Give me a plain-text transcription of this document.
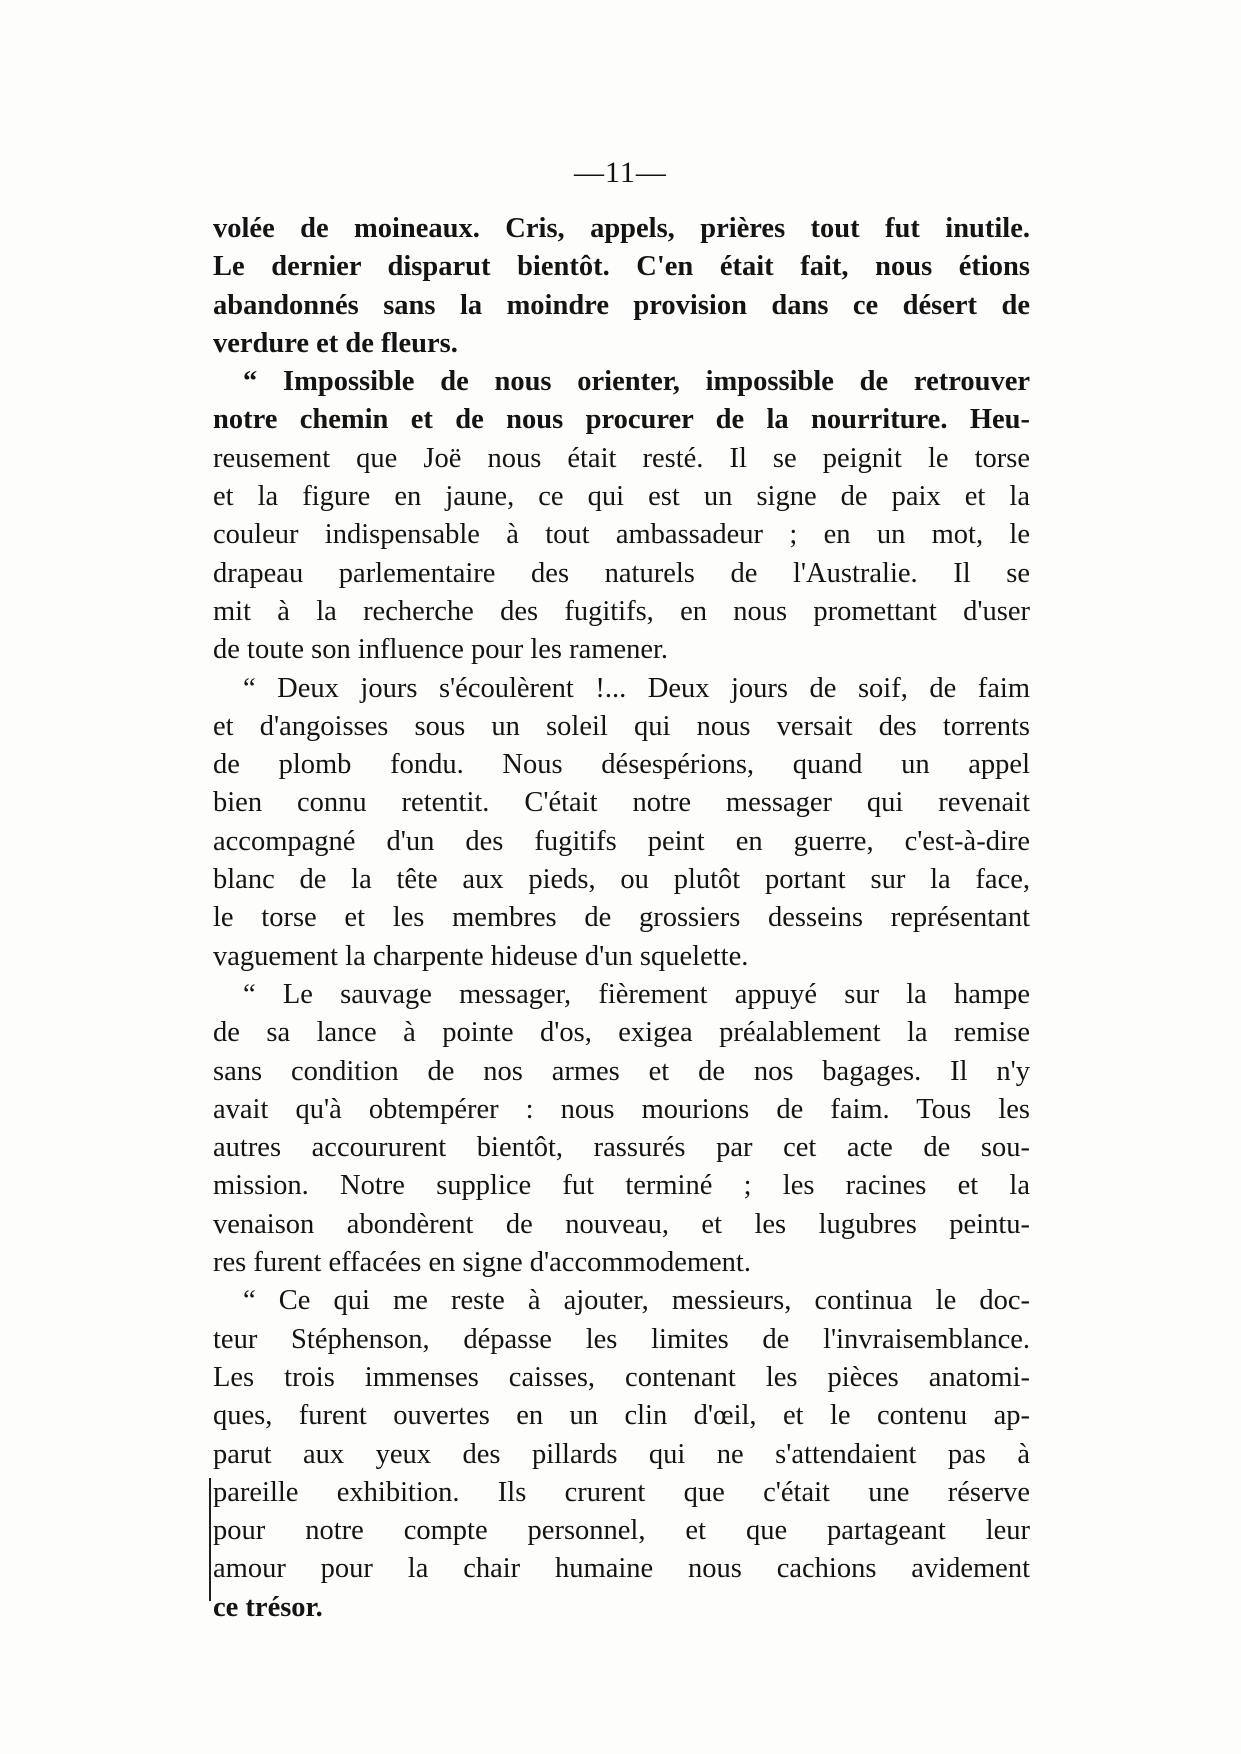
—11—
volée de moineaux. Cris, appels, prières tout fut inutile.
Le dernier disparut bientôt. C'en était fait, nous étions
abandonnés sans la moindre provision dans ce désert de
verdure et de fleurs.
“ Impossible de nous orienter, impossible de retrouver
notre chemin et de nous procurer de la nourriture. Heu-
reusement que Joë nous était resté. Il se peignit le torse
et la figure en jaune, ce qui est un signe de paix et la
couleur indispensable à tout ambassadeur ; en un mot, le
drapeau parlementaire des naturels de l'Australie. Il se
mit à la recherche des fugitifs, en nous promettant d'user
de toute son influence pour les ramener.
“ Deux jours s'écoulèrent !... Deux jours de soif, de faim
et d'angoisses sous un soleil qui nous versait des torrents
de plomb fondu. Nous désespérions, quand un appel
bien connu retentit. C'était notre messager qui revenait
accompagné d'un des fugitifs peint en guerre, c'est-à-dire
blanc de la tête aux pieds, ou plutôt portant sur la face,
le torse et les membres de grossiers desseins représentant
vaguement la charpente hideuse d'un squelette.
“ Le sauvage messager, fièrement appuyé sur la hampe
de sa lance à pointe d'os, exigea préalablement la remise
sans condition de nos armes et de nos bagages. Il n'y
avait qu'à obtempérer : nous mourions de faim. Tous les
autres accoururent bientôt, rassurés par cet acte de sou-
mission. Notre supplice fut terminé ; les racines et la
venaison abondèrent de nouveau, et les lugubres peintu-
res furent effacées en signe d'accommodement.
“ Ce qui me reste à ajouter, messieurs, continua le doc-
teur Stéphenson, dépasse les limites de l'invraisemblance.
Les trois immenses caisses, contenant les pièces anatomi-
ques, furent ouvertes en un clin d'œil, et le contenu ap-
parut aux yeux des pillards qui ne s'attendaient pas à
pareille exhibition. Ils crurent que c'était une réserve
pour notre compte personnel, et que partageant leur
amour pour la chair humaine nous cachions avidement
ce trésor.
